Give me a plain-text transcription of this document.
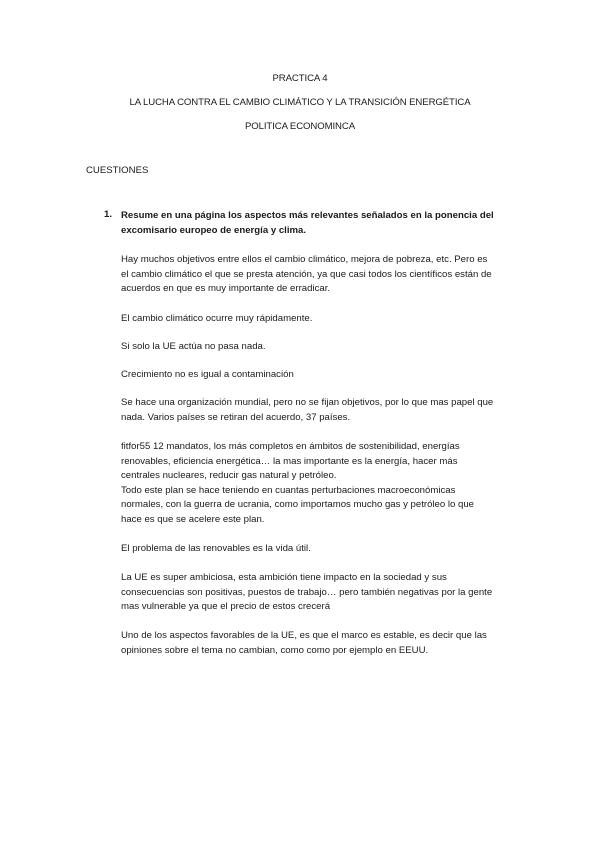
PRACTICA 4
LA LUCHA CONTRA EL CAMBIO CLIMÁTICO Y LA TRANSICIÓN ENERGÉTICA
POLITICA ECONOMINCA
CUESTIONES
1. Resume en una página los aspectos más relevantes señalados en la ponencia del
excomisario europeo de energía y clima.
Hay muchos objetivos entre ellos el cambio climático, mejora de pobreza, etc. Pero es
el cambio climático el que se presta atención, ya que casi todos los científicos están de
acuerdos en que es muy importante de erradicar.
El cambio climático ocurre muy rápidamente.
Si solo la UE actúa no pasa nada.
Crecimiento no es igual a contaminación
Se hace una organización mundial, pero no se fijan objetivos, por lo que mas papel que
nada. Varios países se retiran del acuerdo, 37 países.
fitfor55 12 mandatos, los más completos en ámbitos de sostenibilidad, energías
renovables, eficiencia energética… la mas importante es la energía, hacer más
centrales nucleares, reducir gas natural y petróleo.
Todo este plan se hace teniendo en cuantas perturbaciones macroeconómicas
normales, con la guerra de ucrania, como importamos mucho gas y petróleo lo que
hace es que se acelere este plan.
El problema de las renovables es la vida útil.
La UE es super ambiciosa, esta ambición tiene impacto en la sociedad y sus
consecuencias son positivas, puestos de trabajo… pero también negativas por la gente
mas vulnerable ya que el precio de estos crecerá
Uno de los aspectos favorables de la UE, es que el marco es estable, es decir que las
opiniones sobre el tema no cambian, como como por ejemplo en EEUU.
